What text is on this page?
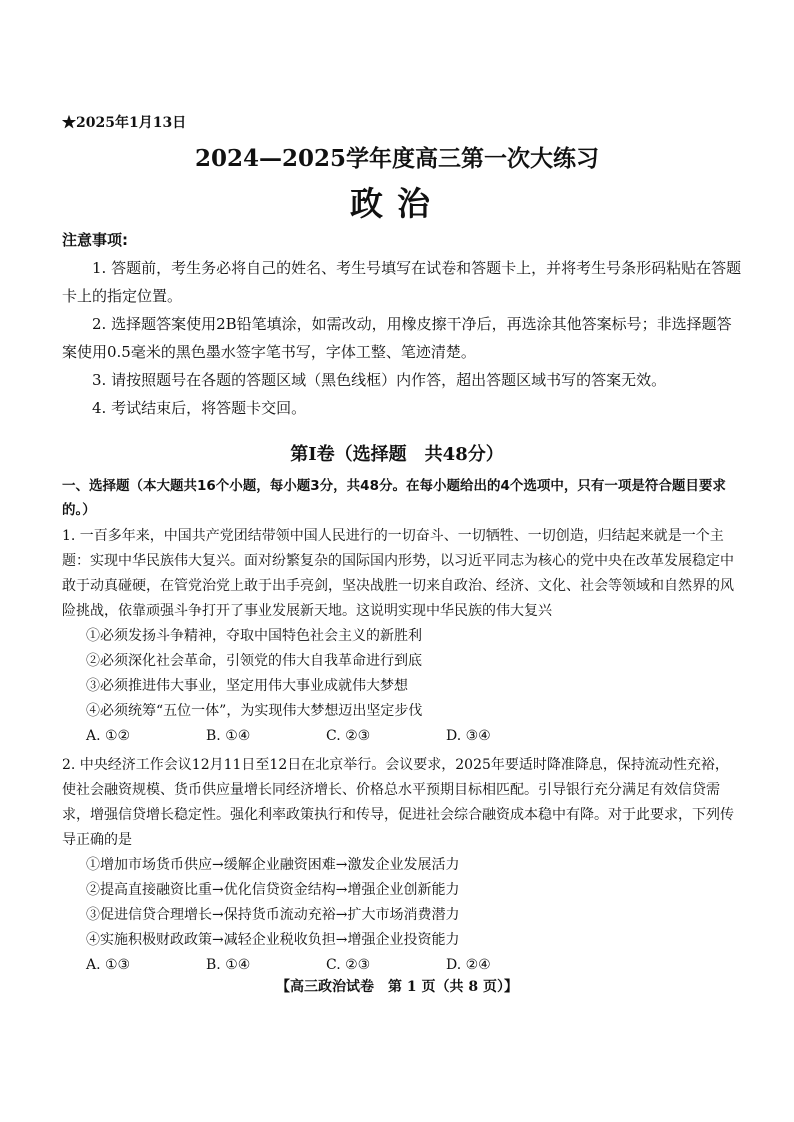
★2025年1月13日
2024—2025学年度高三第一次大练习
政治
注意事项:

1. 答题前，考生务必将自己的姓名、考生号填写在试卷和答题卡上，并将考生号条形码粘贴在答题卡上的指定位置。

2. 选择题答案使用2B铅笔填涂，如需改动，用橡皮擦干净后，再选涂其他答案标号；非选择题答案使用0.5毫米的黑色墨水签字笔书写，字体工整、笔迹清楚。

3. 请按照题号在各题的答题区域（黑色线框）内作答，超出答题区域书写的答案无效。

4. 考试结束后，将答题卡交回。

第I卷（选择题　共48分）

一、选择题（本大题共16个小题，每小题3分，共48分。在每小题给出的4个选项中，只有一项是符合题目要求的。）

1. 一百多年来，中国共产党团结带领中国人民进行的一切奋斗、一切牺牲、一切创造，归结起来就是一个主题：实现中华民族伟大复兴。面对纷繁复杂的国际国内形势，以习近平同志为核心的党中央在改革发展稳定中敢于动真碰硬，在管党治党上敢于出手亮剑，坚决战胜一切来自政治、经济、文化、社会等领域和自然界的风险挑战，依靠顽强斗争打开了事业发展新天地。这说明实现中华民族的伟大复兴

①必须发扬斗争精神，夺取中国特色社会主义的新胜利

②必须深化社会革命，引领党的伟大自我革命进行到底

③必须推进伟大事业，坚定用伟大事业成就伟大梦想

④必须统筹“五位一体”，为实现伟大梦想迈出坚定步伐

A. ①②	B. ①④	C. ②③	D. ③④

2. 中央经济工作会议12月11日至12日在北京举行。会议要求，2025年要适时降准降息，保持流动性充裕，使社会融资规模、货币供应量增长同经济增长、价格总水平预期目标相匹配。引导银行充分满足有效信贷需求，增强信贷增长稳定性。强化利率政策执行和传导，促进社会综合融资成本稳中有降。对于此要求，下列传导正确的是

①增加市场货币供应→缓解企业融资困难→激发企业发展活力

②提高直接融资比重→优化信贷资金结构→增强企业创新能力

③促进信贷合理增长→保持货币流动充裕→扩大市场消费潜力

④实施积极财政政策→减轻企业税收负担→增强企业投资能力

A. ①③	B. ①④	C. ②③	D. ②④
【高三政治试卷　第 1 页（共 8 页）】
